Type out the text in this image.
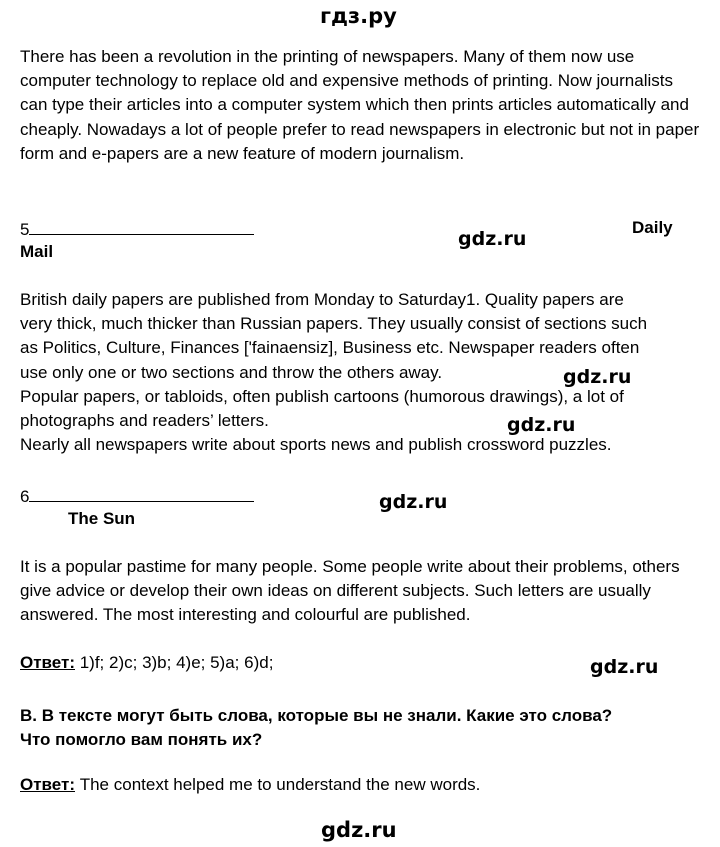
гдз.ру

There has been a revolution in the printing of newspapers. Many of them now use computer technology to replace old and expensive methods of printing. Now journalists can type their articles into a computer system which then prints articles automatically and cheaply. Nowadays a lot of people prefer to read newspapers in electronic but not in paper form and e-papers are a new feature of modern journalism.

5	Daily
Mail
gdz.ru

British daily papers are published from Monday to Saturday1. Quality papers are

very thick, much thicker than Russian papers. They usually consist of sections such

as Politics, Culture, Finances ['fainaensiz], Business etc. Newspaper readers often

use only one or two sections and throw the others away.

Popular papers, or tabloids, often publish cartoons (humorous drawings), a lot of

photographs and readers’ letters.

Nearly all newspapers write about sports news and publish crossword puzzles.

gdz.ru
gdz.ru
6
The Sun
gdz.ru

It is a popular pastime for many people. Some people write about their problems, others give advice or develop their own ideas on different subjects. Such letters are usually answered. The most interesting and colourful are published.

Ответ: 1)f; 2)c; 3)b; 4)e; 5)a; 6)d;	gdz.ru

B. В тексте могут быть слова, которые вы не знали. Какие это слова?

Что помогло вам понять их?

Ответ: The context helped me to understand the new words.
gdz.ru
